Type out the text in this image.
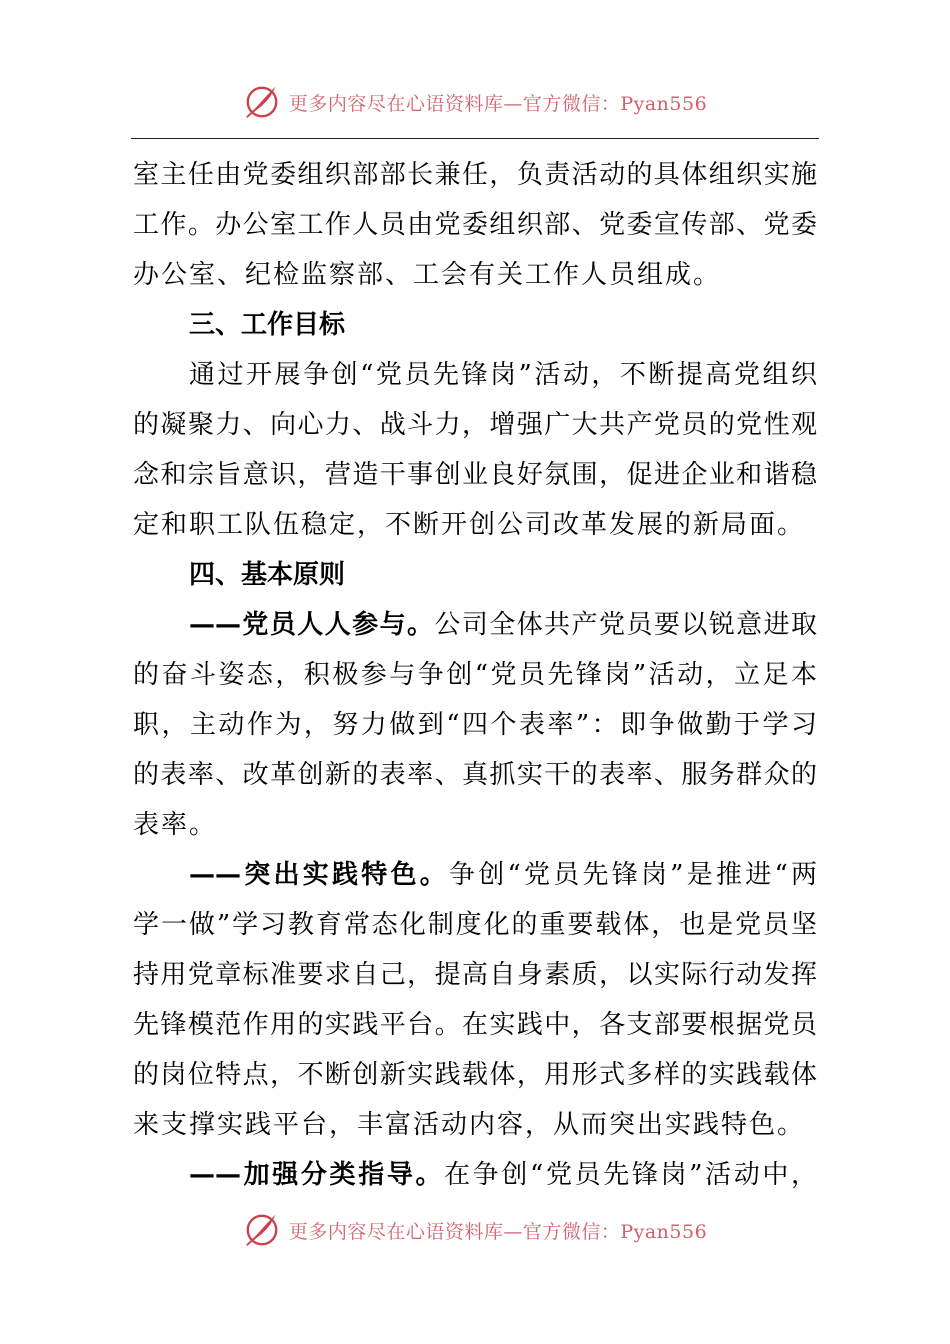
更多内容尽在心语资料库—官方微信：Pyan556
室主任由党委组织部部长兼任，负责活动的具体组织实施
工作。办公室工作人员由党委组织部、党委宣传部、党委
办公室、纪检监察部、工会有关工作人员组成。
三、工作目标
通过开展争创“党员先锋岗”活动，不断提高党组织
的凝聚力、向心力、战斗力，增强广大共产党员的党性观
念和宗旨意识，营造干事创业良好氛围，促进企业和谐稳
定和职工队伍稳定，不断开创公司改革发展的新局面。
四、基本原则
——党员人人参与。公司全体共产党员要以锐意进取
的奋斗姿态，积极参与争创“党员先锋岗”活动，立足本
职，主动作为，努力做到“四个表率”：即争做勤于学习
的表率、改革创新的表率、真抓实干的表率、服务群众的
表率。
——突出实践特色。争创“党员先锋岗”是推进“两
学一做”学习教育常态化制度化的重要载体，也是党员坚
持用党章标准要求自己，提高自身素质，以实际行动发挥
先锋模范作用的实践平台。在实践中，各支部要根据党员
的岗位特点，不断创新实践载体，用形式多样的实践载体
来支撑实践平台，丰富活动内容，从而突出实践特色。
——加强分类指导。在争创“党员先锋岗”活动中，
更多内容尽在心语资料库—官方微信：Pyan556
